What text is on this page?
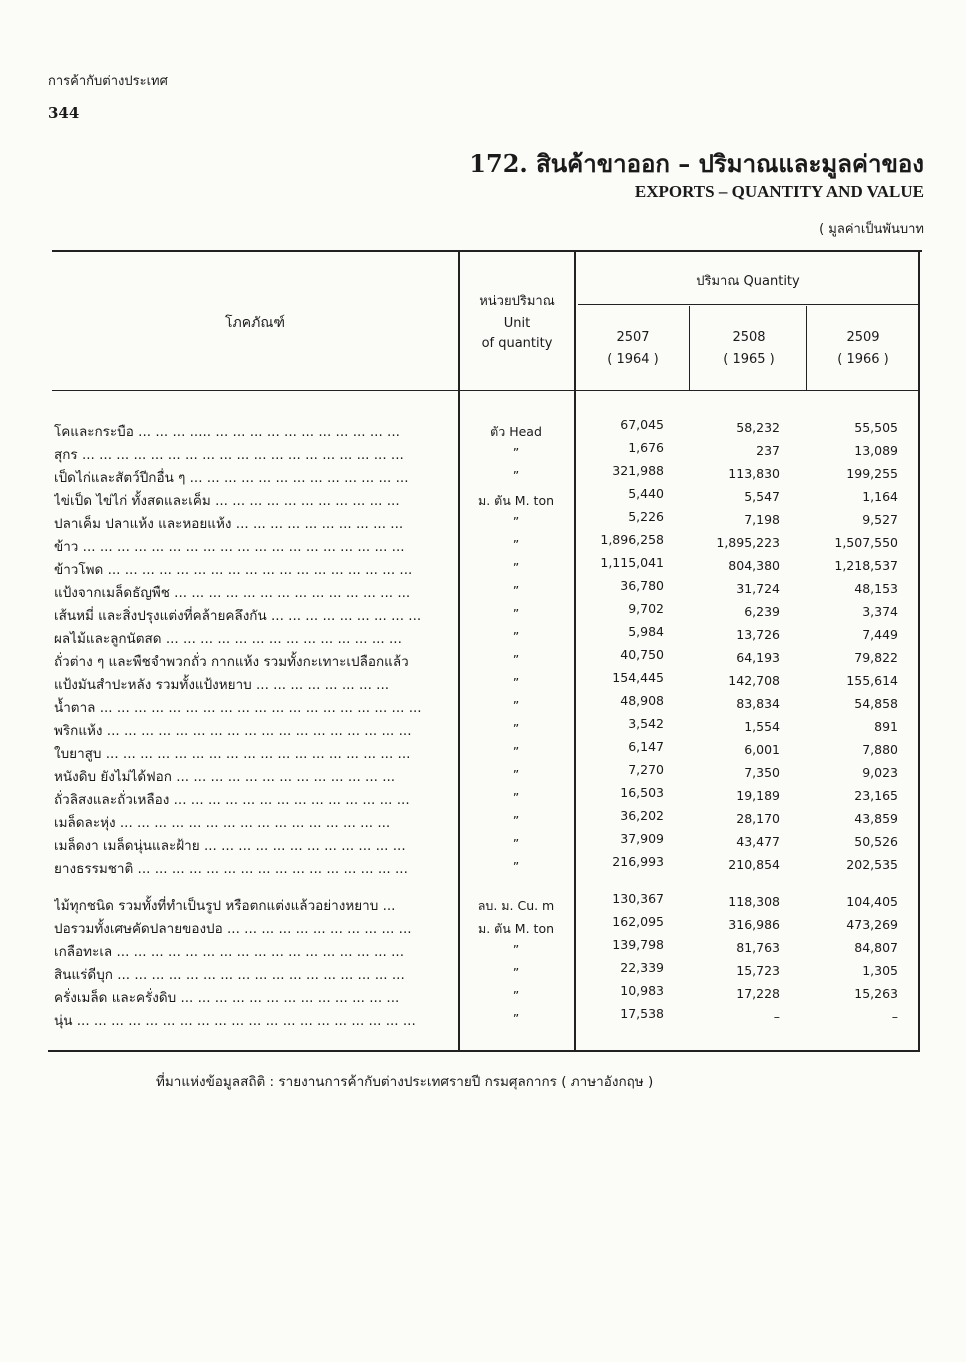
การค้ากับต่างประเทศ
344
172. สินค้าขาออก – ปริมาณและมูลค่าของ
EXPORTS – QUANTITY AND VALUE
( มูลค่าเป็นพันบาท
โภคภัณฑ์
หน่วยปริมาณ
Unit
of quantity
ปริมาณ Quantity
2507
( 1964 )
2508
( 1965 )
2509
( 1966 )
โคและกระบือ ... ... ... ..... ... ... ... ... ... ... ... ... ... ... ...	ตัว Head	67,045	58,232	55,505
สุกร ... ... ... ... ... ... ... ... ... ... ... ... ... ... ... ... ... ... ...	”	1,676	237	13,089
เป็ดไก่และสัตว์ปีกอื่น ๆ ... ... ... ... ... ... ... ... ... ... ... ... ...	”	321,988	113,830	199,255
ไข่เป็ด ไข่ไก่ ทั้งสดและเค็ม ... ... ... ... ... ... ... ... ... ... ...	ม. ตัน M. ton	5,440	5,547	1,164
ปลาเค็ม ปลาแห้ง และหอยแห้ง ... ... ... ... ... ... ... ... ... ...	”	5,226	7,198	9,527
ข้าว ... ... ... ... ... ... ... ... ... ... ... ... ... ... ... ... ... ... ...	”	1,896,258	1,895,223	1,507,550
ข้าวโพด ... ... ... ... ... ... ... ... ... ... ... ... ... ... ... ... ... ...	”	1,115,041	804,380	1,218,537
แป้งจากเมล็ดธัญพืช ... ... ... ... ... ... ... ... ... ... ... ... ... ...	”	36,780	31,724	48,153
เส้นหมี่ และสิ่งปรุงแต่งที่คล้ายคลึงกัน ... ... ... ... ... ... ... ... ...	”	9,702	6,239	3,374
ผลไม้และลูกนัตสด ... ... ... ... ... ... ... ... ... ... ... ... ... ...	”	5,984	13,726	7,449
ถั่วต่าง ๆ และพืชจำพวกถั่ว กากแห้ง รวมทั้งกะเทาะเปลือกแล้ว	”	40,750	64,193	79,822
แป้งมันสำปะหลัง รวมทั้งแป้งหยาบ ... ... ... ... ... ... ... ...	”	154,445	142,708	155,614
น้ำตาล ... ... ... ... ... ... ... ... ... ... ... ... ... ... ... ... ... ... ...	”	48,908	83,834	54,858
พริกแห้ง ... ... ... ... ... ... ... ... ... ... ... ... ... ... ... ... ... ...	”	3,542	1,554	891
ใบยาสูบ ... ... ... ... ... ... ... ... ... ... ... ... ... ... ... ... ... ...	”	6,147	6,001	7,880
หนังดิบ ยังไม่ได้ฟอก ... ... ... ... ... ... ... ... ... ... ... ... ...	”	7,270	7,350	9,023
ถั่วลิสงและถั่วเหลือง ... ... ... ... ... ... ... ... ... ... ... ... ... ...	”	16,503	19,189	23,165
เมล็ดละหุ่ง ... ... ... ... ... ... ... ... ... ... ... ... ... ... ... ...	”	36,202	28,170	43,859
เมล็ดงา เมล็ดนุ่นและฝ้าย ... ... ... ... ... ... ... ... ... ... ... ...	”	37,909	43,477	50,526
ยางธรรมชาติ ... ... ... ... ... ... ... ... ... ... ... ... ... ... ... ...	”	216,993	210,854	202,535
ไม้ทุกชนิด รวมทั้งที่ทำเป็นรูป หรือตกแต่งแล้วอย่างหยาบ ...	ลบ. ม. Cu. m	130,367	118,308	104,405
ปอรวมทั้งเศษคัดปลายของปอ ... ... ... ... ... ... ... ... ... ... ...	ม. ตัน M. ton	162,095	316,986	473,269
เกลือทะเล ... ... ... ... ... ... ... ... ... ... ... ... ... ... ... ... ...	”	139,798	81,763	84,807
สินแร่ดีบุก ... ... ... ... ... ... ... ... ... ... ... ... ... ... ... ... ...	”	22,339	15,723	1,305
ครั่งเมล็ด และครั่งดิบ ... ... ... ... ... ... ... ... ... ... ... ... ...	”	10,983	17,228	15,263
นุ่น ... ... ... ... ... ... ... ... ... ... ... ... ... ... ... ... ... ... ... ...	”	17,538	–	–
ที่มาแห่งข้อมูลสถิติ : รายงานการค้ากับต่างประเทศรายปี กรมศุลกากร ( ภาษาอังกฤษ )
